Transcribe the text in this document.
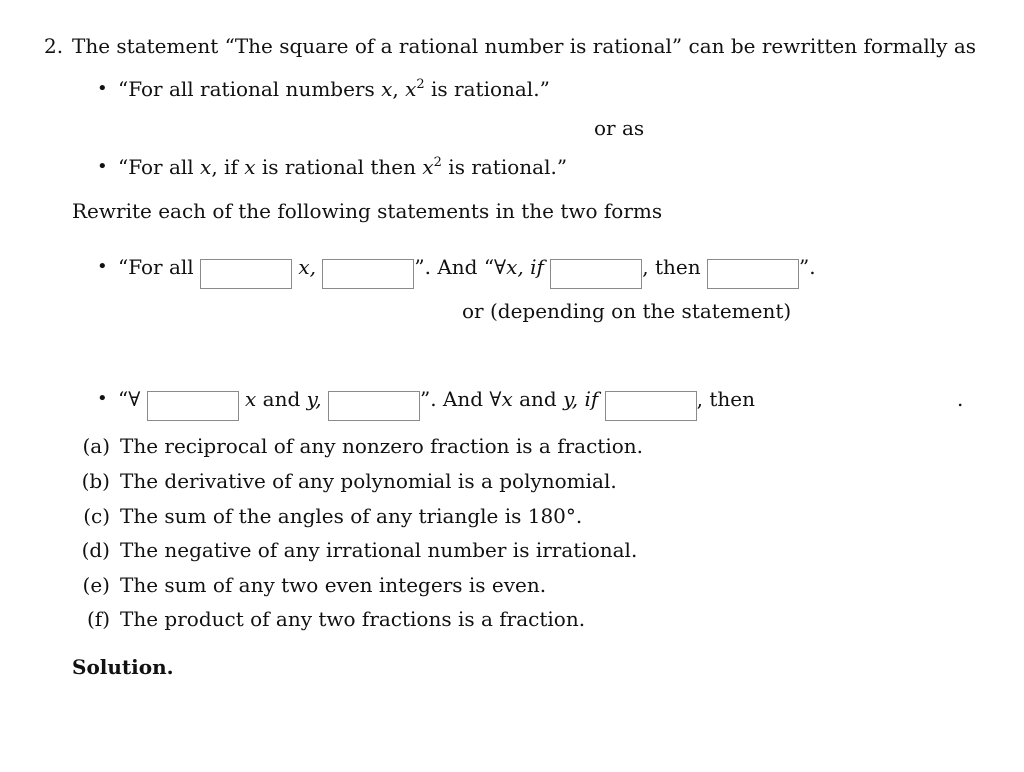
2. The statement “The square of a rational number is rational” can be rewritten formally as
• “For all rational numbers x, $x^2$ is rational.”
or as
• “For all x, if x is rational then $x^2$ is rational.”
Rewrite each of the following statements in the two forms
• “For all	x,	”. And “∀x, if	, then	”.
or (depending on the statement)
• “∀	x and y,	”. And ∀x and y, if	, then	.
(a) The reciprocal of any nonzero fraction is a fraction.
(b) The derivative of any polynomial is a polynomial.
(c) The sum of the angles of any triangle is 180°.
(d) The negative of any irrational number is irrational.
(e) The sum of any two even integers is even.
(f) The product of any two fractions is a fraction.
Solution.
